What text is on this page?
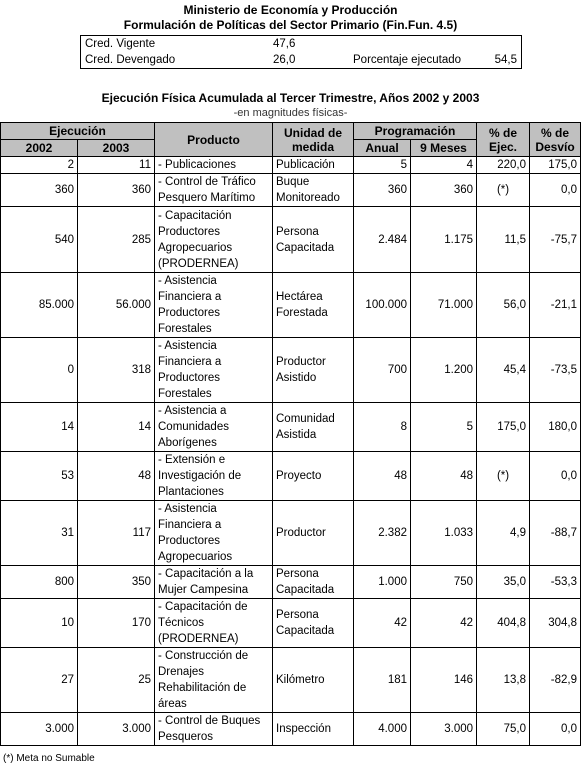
Ministerio de Economía y Producción
Formulación de Políticas del Sector Primario (Fin.Fun. 4.5)
Cred. Vigente	47,6
Cred. Devengado	26,0	Porcentaje ejecutado	54,5
Ejecución Física Acumulada al Tercer Trimestre, Años 2002 y 2003
-en magnitudes físicas-
Ejecución		Producto	Unidad de medida	Programación		% de Ejec.	% de Desvío
2002	2003			Anual	9 Meses		
2	11	- Publicaciones	Publicación	5	4	220,0	175,0
360	360	- Control de Tráfico Pesquero Marítimo	Buque Monitoreado	360	360	(*)	0,0
540	285	- Capacitación Productores Agropecuarios (PRODERNEA)	Persona Capacitada	2.484	1.175	11,5	-75,7
85.000	56.000	- Asistencia Financiera a Productores Forestales	Hectárea Forestada	100.000	71.000	56,0	-21,1
0	318	- Asistencia Financiera a Productores Forestales	Productor Asistido	700	1.200	45,4	-73,5
14	14	- Asistencia a Comunidades Aborígenes	Comunidad Asistida	8	5	175,0	180,0
53	48	- Extensión e Investigación de Plantaciones	Proyecto	48	48	(*)	0,0
31	117	- Asistencia Financiera a Productores Agropecuarios	Productor	2.382	1.033	4,9	-88,7
800	350	- Capacitación a la Mujer Campesina	Persona Capacitada	1.000	750	35,0	-53,3
10	170	- Capacitación de Técnicos (PRODERNEA)	Persona Capacitada	42	42	404,8	304,8
27	25	- Construcción de Drenajes Rehabilitación de áreas	Kilómetro	181	146	13,8	-82,9
3.000	3.000	- Control de Buques Pesqueros	Inspección	4.000	3.000	75,0	0,0
(*) Meta no Sumable
